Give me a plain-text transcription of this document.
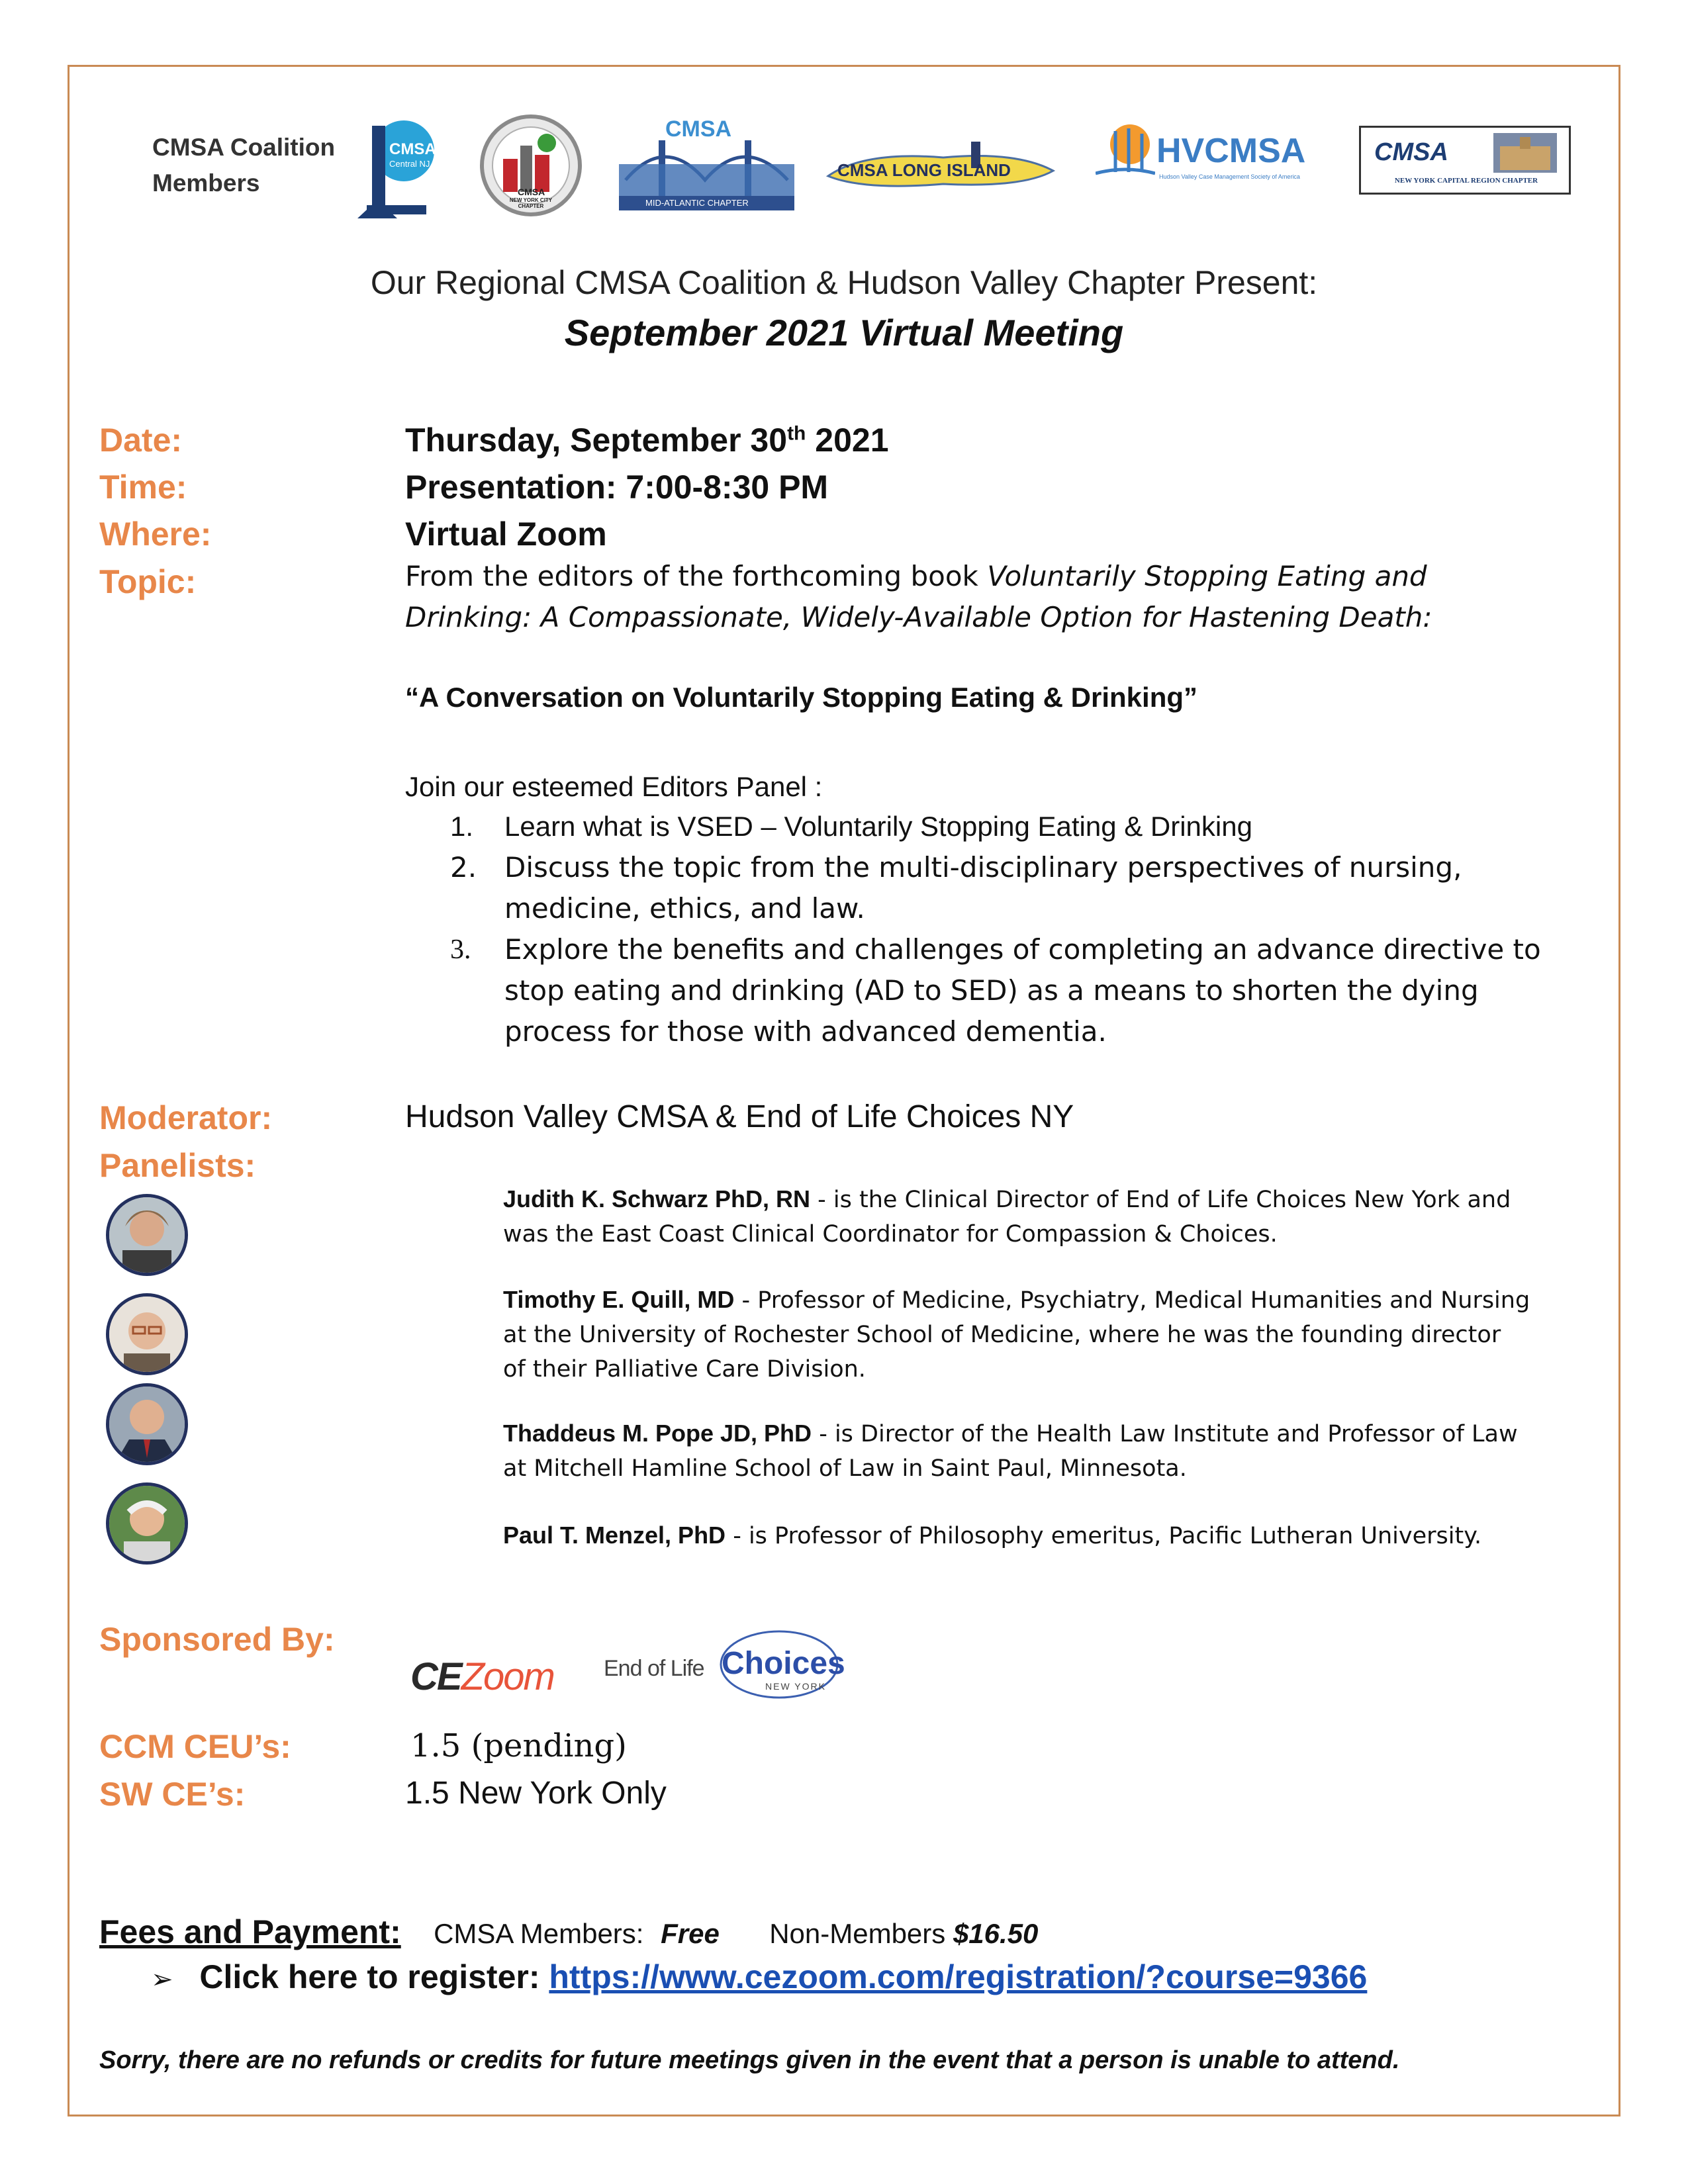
CMSA Coalition
Members
CMSA
Central NJ
CMSA
NEW YORK CITY CHAPTER
CMSA
MID-ATLANTIC CHAPTER
CMSA LONG ISLAND	HVCMSA
Hudson Valley Case Management Society of America
CMSA
NEW YORK CAPITAL REGION CHAPTER
Our Regional CMSA Coalition & Hudson Valley Chapter Present:
September 2021 Virtual Meeting
Date:	Thursday, September 30th 2021
Time:	Presentation: 7:00-8:30 PM
Where:	Virtual Zoom
Topic:	From the editors of the forthcoming book Voluntarily Stopping Eating and
Drinking: A Compassionate, Widely-Available Option for Hastening Death:
“A Conversation on Voluntarily Stopping Eating & Drinking”
Join our esteemed Editors Panel :
1.	Learn what is VSED – Voluntarily Stopping Eating & Drinking
2. Discuss the topic from the multi-disciplinary perspectives of nursing,
medicine, ethics, and law.
3.	Explore the benefits and challenges of completing an advance directive to
stop eating and drinking (AD to SED) as a means to shorten the dying
process for those with advanced dementia.
Moderator:	Hudson Valley CMSA & End of Life Choices NY
Panelists:
Judith K. Schwarz PhD, RN - is the Clinical Director of End of Life Choices New York and
was the East Coast Clinical Coordinator for Compassion & Choices.
Timothy E. Quill, MD - Professor of Medicine, Psychiatry, Medical Humanities and Nursing
at the University of Rochester School of Medicine, where he was the founding director
of their Palliative Care Division.
Thaddeus M. Pope JD, PhD - is Director of the Health Law Institute and Professor of Law
at Mitchell Hamline School of Law in Saint Paul, Minnesota.
Paul T. Menzel, PhD - is Professor of Philosophy emeritus, Pacific Lutheran University.
Sponsored By:
CEZoom End of Life Choices
NEW YORK
CCM CEU’s:	1.5 (pending)
SW CE’s:	1.5 New York Only
Fees and Payment: CMSA Members: Free Non-Members $16.50
➢ Click here to register: https://www.cezoom.com/registration/?course=9366
Sorry, there are no refunds or credits for future meetings given in the event that a person is unable to attend.
